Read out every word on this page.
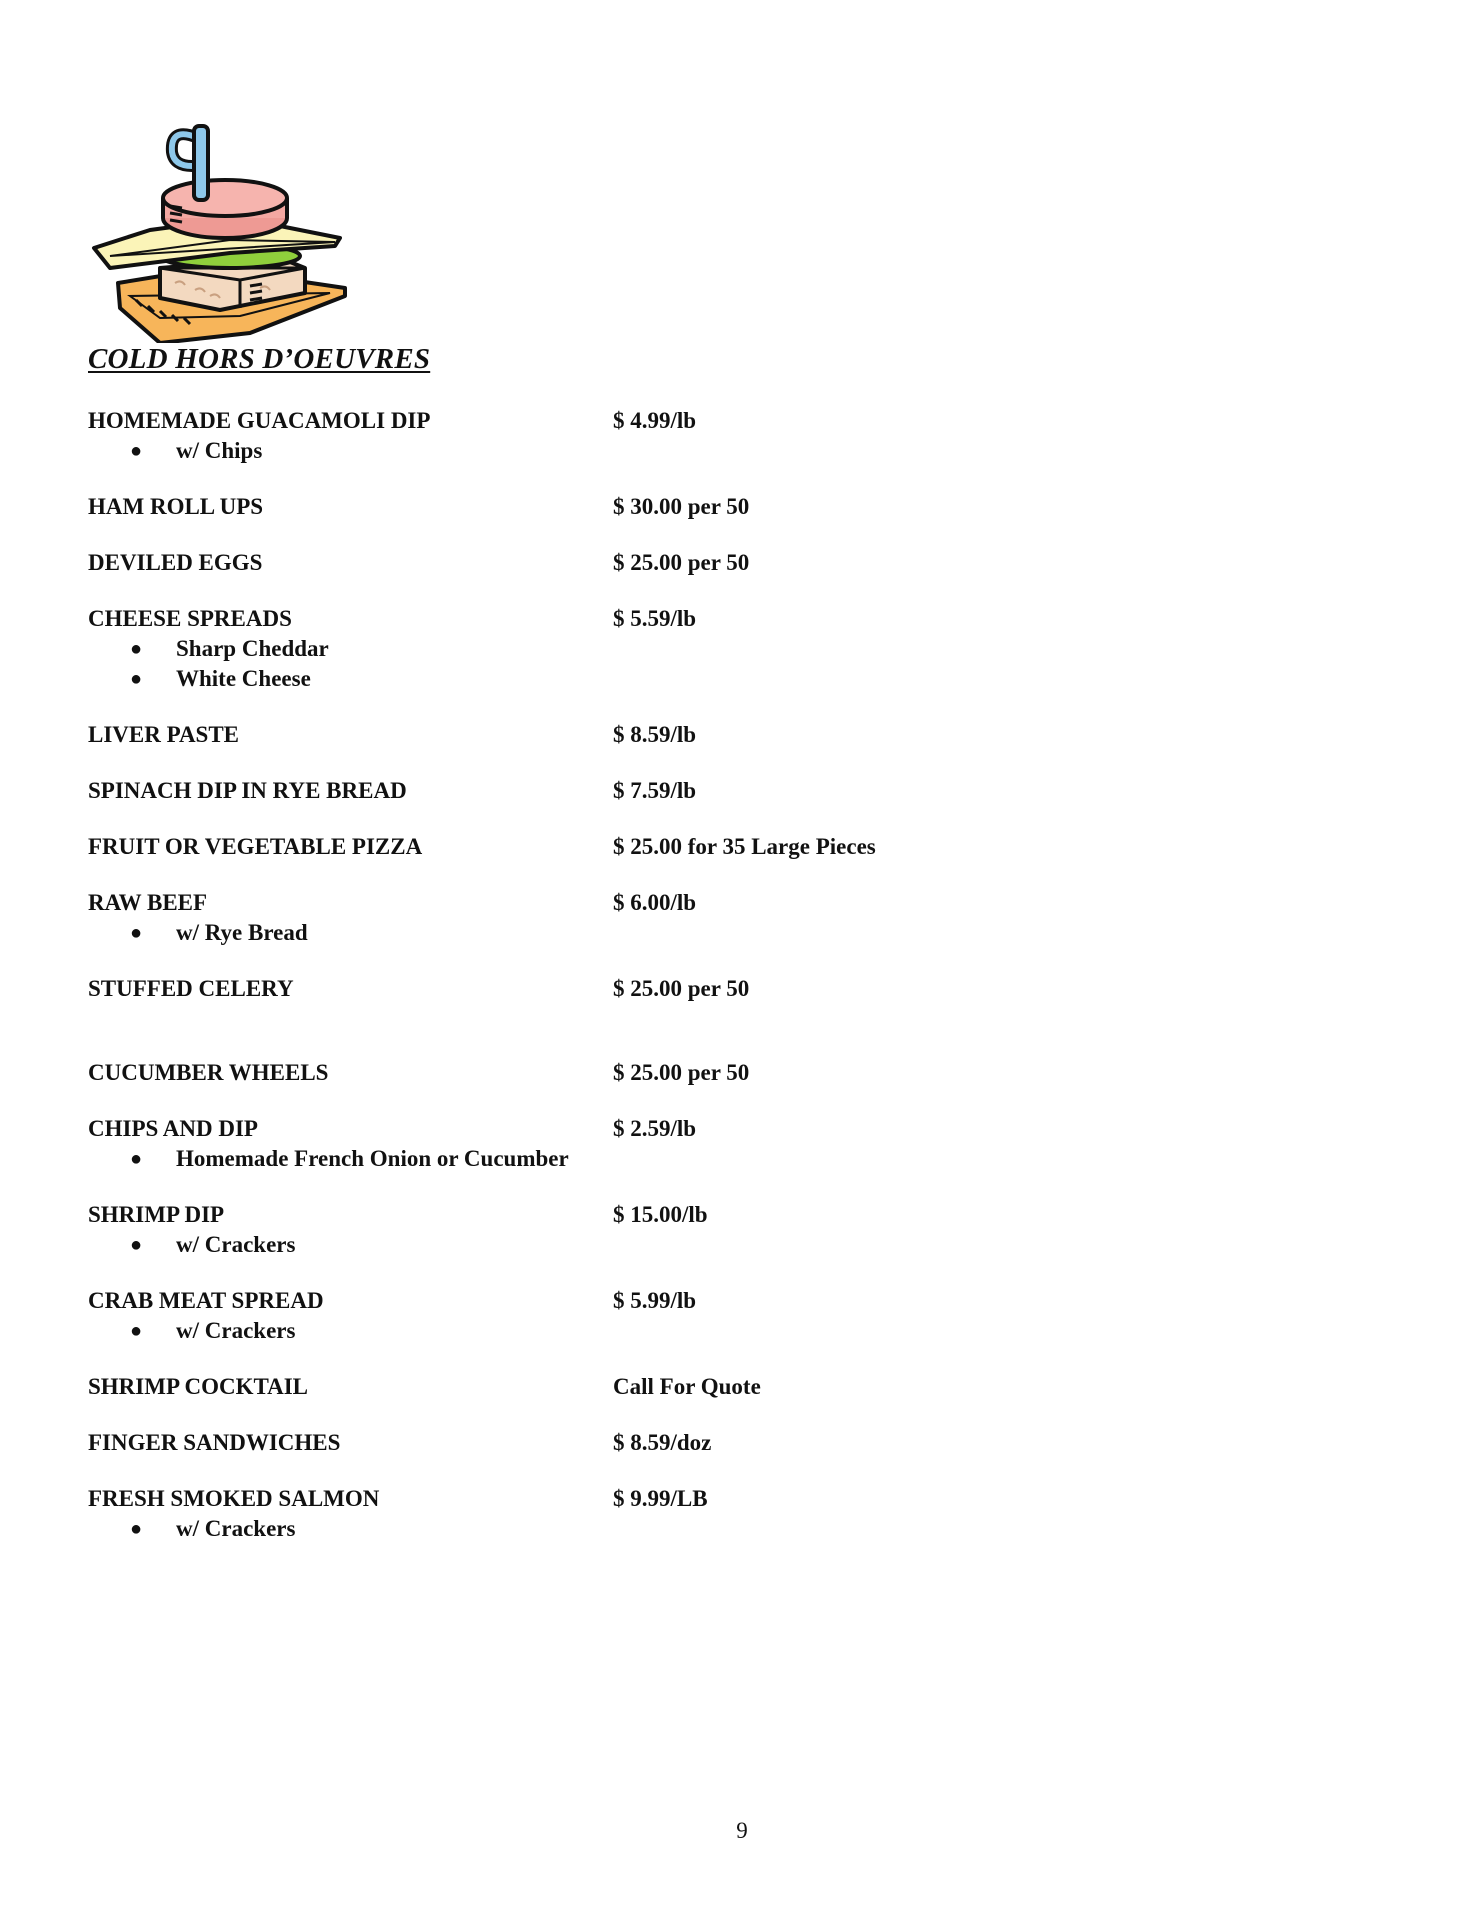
COLD HORS D’OEUVRES
HOMEMADE GUACAMOLI DIP	$ 4.99/lb
● w/ Chips
HAM ROLL UPS	$ 30.00 per 50
DEVILED EGGS	$ 25.00 per 50
CHEESE SPREADS	$ 5.59/lb
● Sharp Cheddar
● White Cheese
LIVER PASTE	$ 8.59/lb
SPINACH DIP IN RYE BREAD	$ 7.59/lb
FRUIT OR VEGETABLE PIZZA	$ 25.00 for 35 Large Pieces
RAW BEEF	$ 6.00/lb
● w/ Rye Bread
STUFFED CELERY	$ 25.00 per 50
CUCUMBER WHEELS	$ 25.00 per 50
CHIPS AND DIP	$ 2.59/lb
● Homemade French Onion or Cucumber
SHRIMP DIP	$ 15.00/lb
● w/ Crackers
CRAB MEAT SPREAD	$ 5.99/lb
● w/ Crackers
SHRIMP COCKTAIL	Call For Quote
FINGER SANDWICHES	$ 8.59/doz
FRESH SMOKED SALMON	$ 9.99/LB
● w/ Crackers
9
